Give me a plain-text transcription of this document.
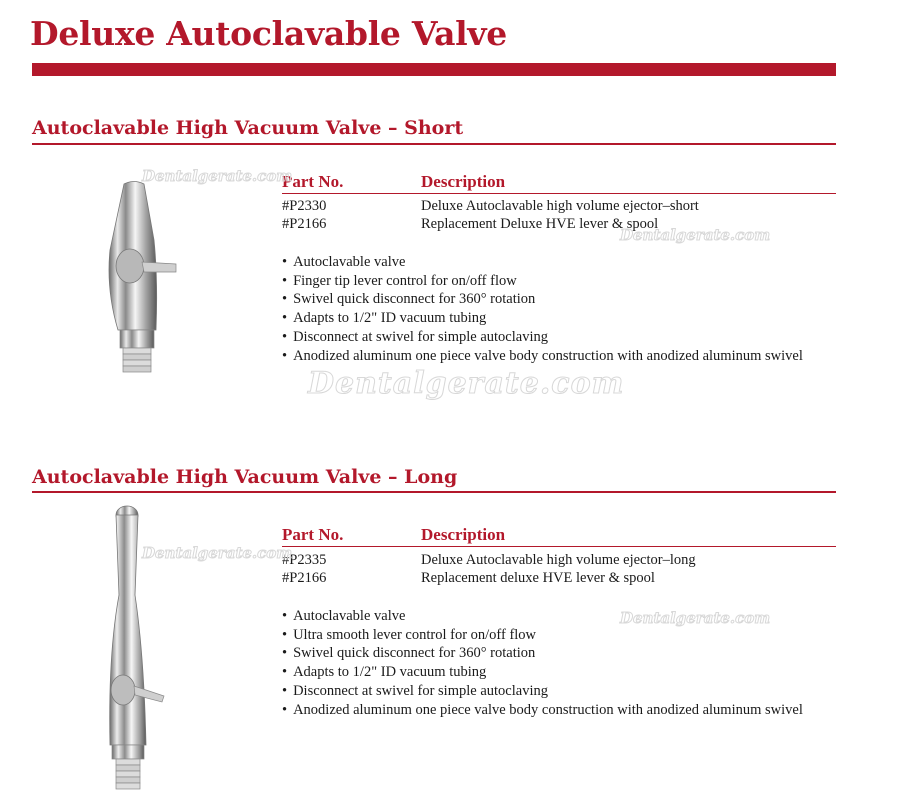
Deluxe Autoclavable Valve
Autoclavable High Vacuum Valve – Short
Part No.	Description
#P2330	Deluxe Autoclavable high volume ejector–short
#P2166	Replacement Deluxe HVE lever & spool
• Autoclavable valve
• Finger tip lever control for on/off flow
• Swivel quick disconnect for 360° rotation
• Adapts to 1/2" ID vacuum tubing
• Disconnect at swivel for simple autoclaving
• Anodized aluminum one piece valve body construction with anodized aluminum swivel
Autoclavable High Vacuum Valve – Long
Part No.	Description
#P2335	Deluxe Autoclavable high volume ejector–long
#P2166	Replacement deluxe HVE lever & spool
• Autoclavable valve
• Ultra smooth lever control for on/off flow
• Swivel quick disconnect for 360° rotation
• Adapts to 1/2" ID vacuum tubing
• Disconnect at swivel for simple autoclaving
• Anodized aluminum one piece valve body construction with anodized aluminum swivel
Dentalgerate.com
Dentalgerate.com
Dentalgerate.com
Dentalgerate.com
Dentalgerate.com
